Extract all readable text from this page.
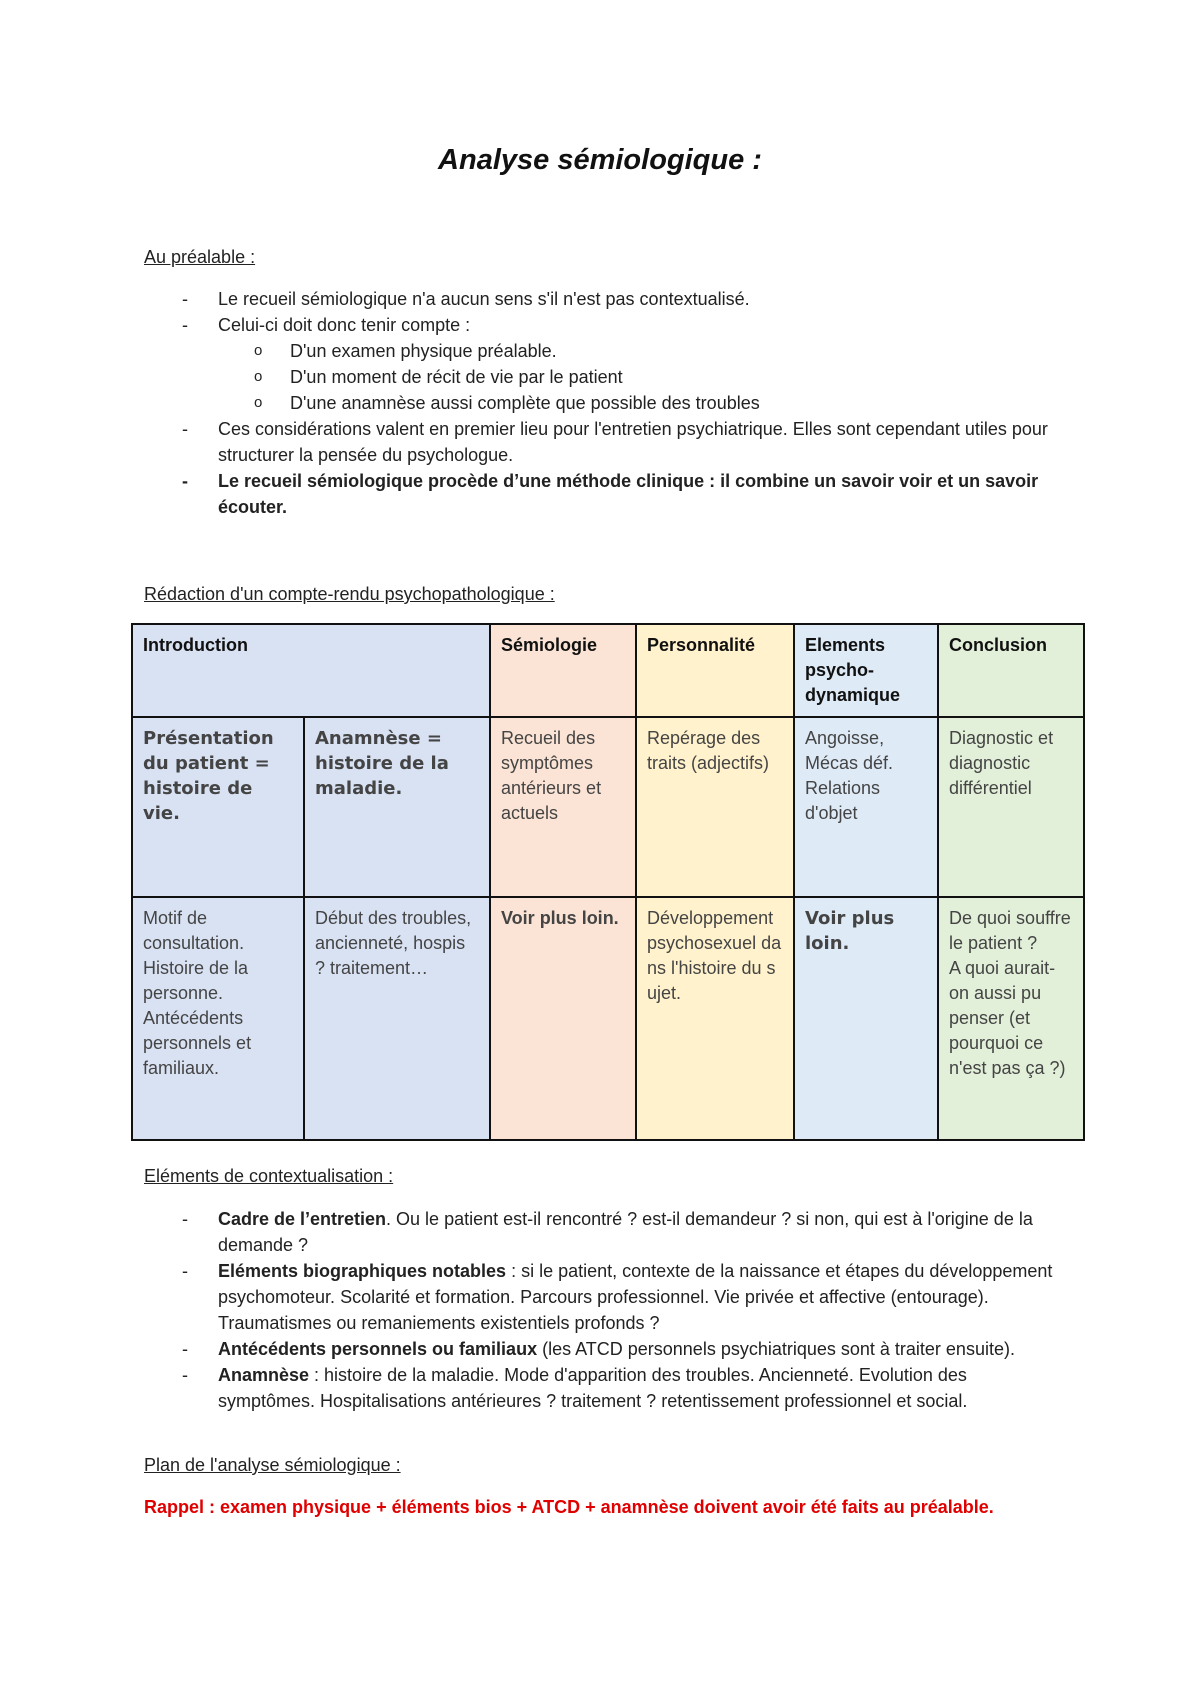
Analyse sémiologique :
Au préalable :
- Le recueil sémiologique n'a aucun sens s'il n'est pas contextualisé.
- Celui-ci doit donc tenir compte :
o D'un examen physique préalable.
o D'un moment de récit de vie par le patient
o D'une anamnèse aussi complète que possible des troubles
- Ces considérations valent en premier lieu pour l'entretien psychiatrique. Elles sont cependant utiles pour structurer la pensée du psychologue.
- Le recueil sémiologique procède d’une méthode clinique : il combine un savoir voir et un savoir écouter.
Rédaction d'un compte-rendu psychopathologique :
Introduction		Sémiologie	Personnalité	Elements psycho-dynamique	Conclusion
Présentation du patient = histoire de vie.	Anamnèse = histoire de la maladie.	Recueil des symptômes antérieurs et actuels	Repérage des traits (adjectifs)	Angoisse, Mécas déf. Relations d'objet	Diagnostic et diagnostic différentiel
Motif de consultation. Histoire de la personne. Antécédents personnels et familiaux.	Début des troubles, ancienneté, hospis ? traitement…	Voir plus loin.	Développement psychosexuel dans l'histoire du sujet.	Voir plus loin.	De quoi souffre le patient ?
A quoi aurait-on aussi pu penser (et pourquoi ce n'est pas ça ?)
Eléments de contextualisation :
- Cadre de l’entretien. Ou le patient est-il rencontré ? est-il demandeur ? si non, qui est à l'origine de la demande ?
- Eléments biographiques notables : si le patient, contexte de la naissance et étapes du développement psychomoteur. Scolarité et formation. Parcours professionnel. Vie privée et affective (entourage). Traumatismes ou remaniements existentiels profonds ?
- Antécédents personnels ou familiaux (les ATCD personnels psychiatriques sont à traiter ensuite).
- Anamnèse : histoire de la maladie. Mode d'apparition des troubles. Ancienneté. Evolution des symptômes. Hospitalisations antérieures ? traitement ? retentissement professionnel et social.
Plan de l'analyse sémiologique :
Rappel : examen physique + éléments bios + ATCD + anamnèse doivent avoir été faits au préalable.
